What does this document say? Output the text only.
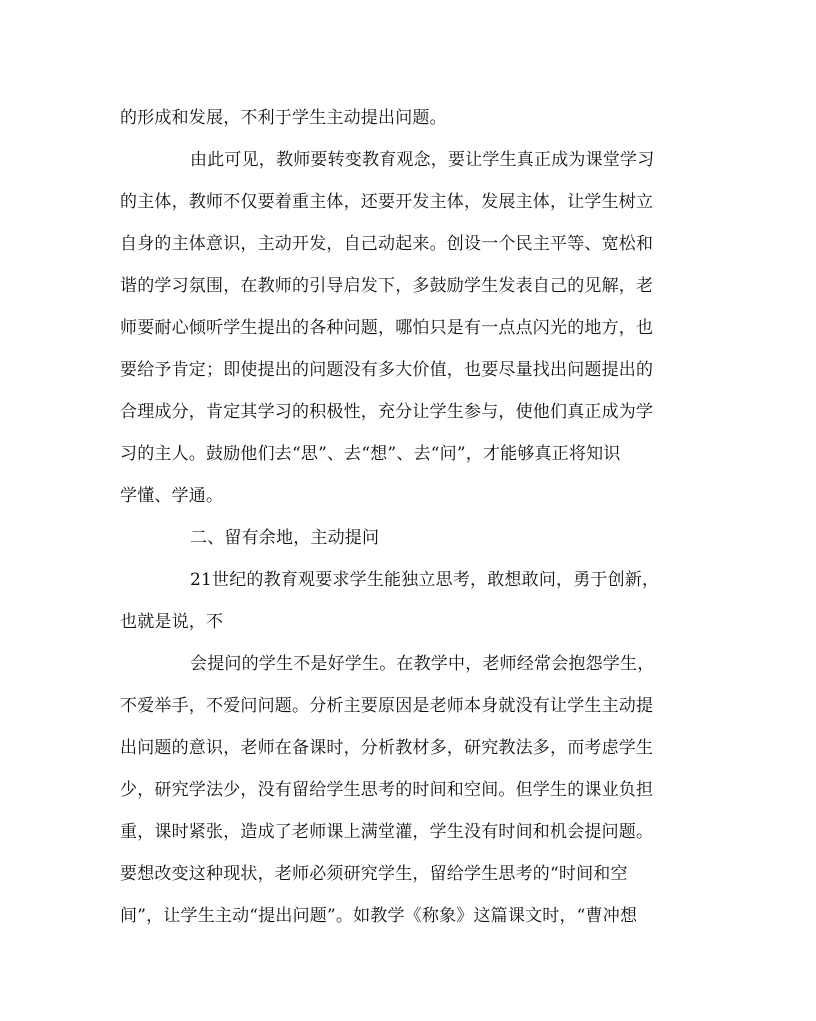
的形成和发展，不利于学生主动提出问题。
由此可见，教师要转变教育观念，要让学生真正成为课堂学习
的主体，教师不仅要着重主体，还要开发主体，发展主体，让学生树立
自身的主体意识，主动开发，自己动起来。创设一个民主平等、宽松和
谐的学习氛围，在教师的引导启发下，多鼓励学生发表自己的见解，老
师要耐心倾听学生提出的各种问题，哪怕只是有一点点闪光的地方，也
要给予肯定；即使提出的问题没有多大价值，也要尽量找出问题提出的
合理成分，肯定其学习的积极性，充分让学生参与，使他们真正成为学
习的主人。鼓励他们去“思”、去“想”、去“问”，才能够真正将知识
学懂、学通。
二、留有余地，主动提问
21世纪的教育观要求学生能独立思考，敢想敢问，勇于创新，
也就是说，不
会提问的学生不是好学生。在教学中，老师经常会抱怨学生，
不爱举手，不爱问问题。分析主要原因是老师本身就没有让学生主动提
出问题的意识，老师在备课时，分析教材多，研究教法多，而考虑学生
少，研究学法少，没有留给学生思考的时间和空间。但学生的课业负担
重，课时紧张，造成了老师课上满堂灌，学生没有时间和机会提问题。
要想改变这种现状，老师必须研究学生，留给学生思考的“时间和空
间”，让学生主动“提出问题”。如教学《称象》这篇课文时，“曹冲想
